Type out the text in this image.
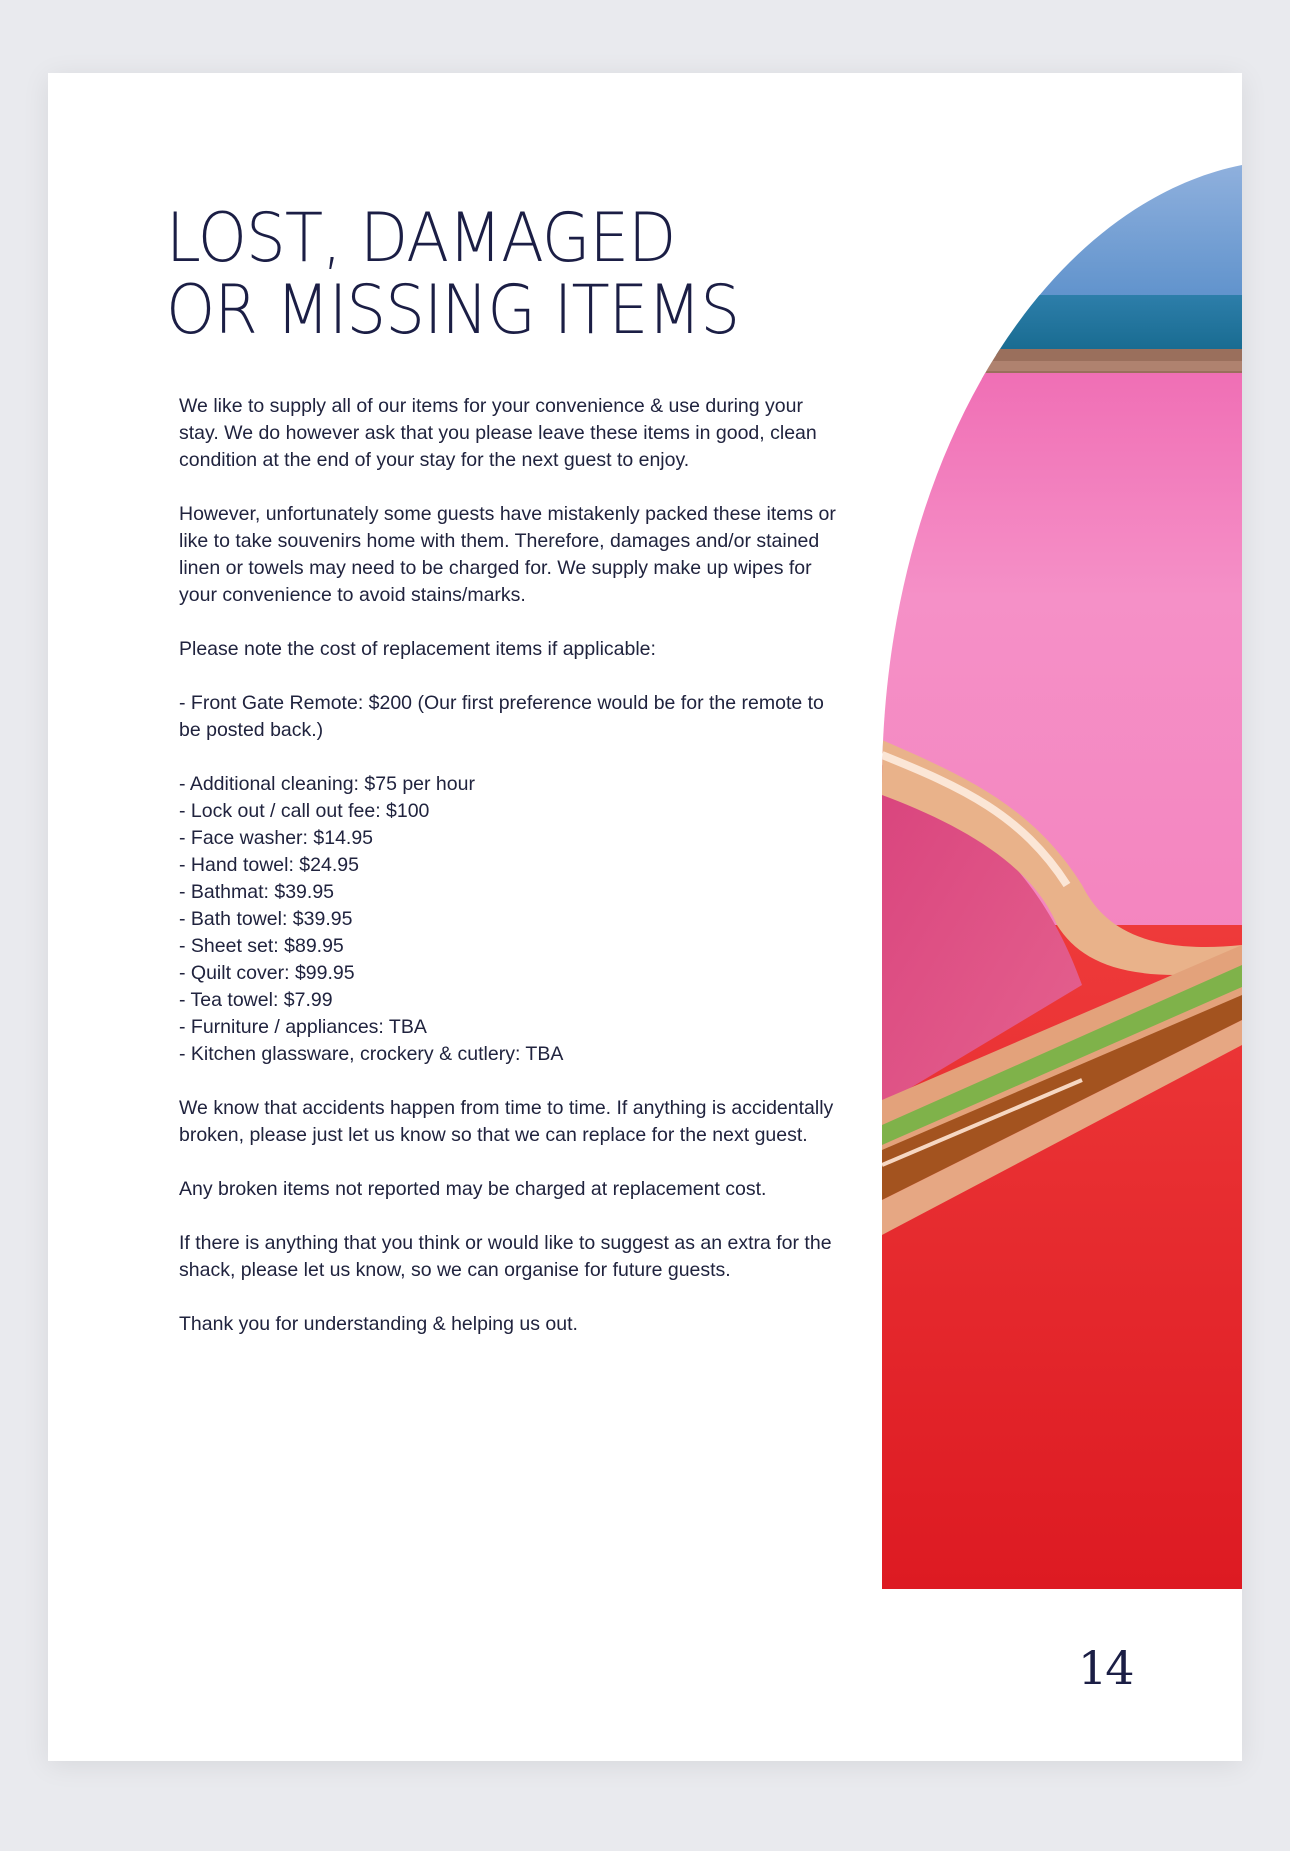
LOST, DAMAGED
OR MISSING ITEMS

We like to supply all of our items for your convenience & use during your stay. We do however ask that you please leave these items in good, clean condition at the end of your stay for the next guest to enjoy.

However, unfortunately some guests have mistakenly packed these items or like to take souvenirs home with them. Therefore, damages and/or stained linen or towels may need to be charged for. We supply make up wipes for your convenience to avoid stains/marks.

Please note the cost of replacement items if applicable:

- Front Gate Remote: $200 (Our first preference would be for the remote to be posted back.)

- Additional cleaning: $75 per hour
- Lock out / call out fee: $100
- Face washer: $14.95
- Hand towel: $24.95
- Bathmat: $39.95
- Bath towel: $39.95
- Sheet set: $89.95
- Quilt cover: $99.95
- Tea towel: $7.99
- Furniture / appliances: TBA
- Kitchen glassware, crockery & cutlery: TBA

We know that accidents happen from time to time. If anything is accidentally broken, please just let us know so that we can replace for the next guest.

Any broken items not reported may be charged at replacement cost.

If there is anything that you think or would like to suggest as an extra for the shack, please let us know, so we can organise for future guests.

Thank you for understanding & helping us out.

14
